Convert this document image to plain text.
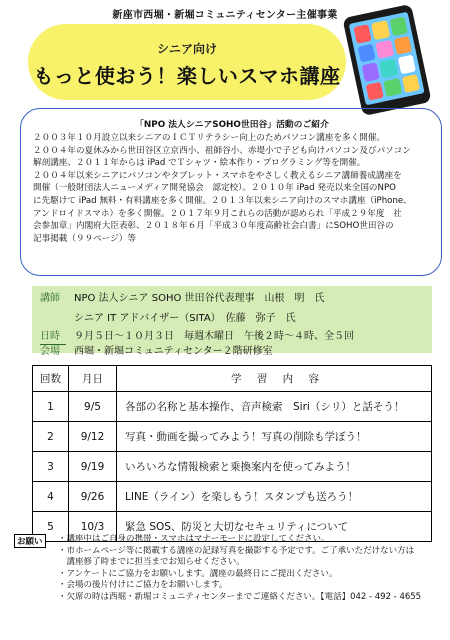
新座市西堀・新堀コミュニティセンター主催事業
シニア向け
もっと使おう！楽しいスマホ講座
「NPO 法人シニアSOHO世田谷」活動のご紹介
２００３年１０月設立以来シニアのＩＣＴリテラシー向上のためパソコン講座を多く開催。
２００４年の夏休みから世田谷区立京西小、祖師谷小、赤堤小で子ども向けパソコン及びパソコン
解剖講座、２０１１年からは iPad でＴシャツ・絵本作り・プログラミング等を開催。
２００４年以来シニアにパソコンやタブレット・スマホをやさしく教えるシニア講師養成講座を
開催（一般財団法人ニューメディア開発協会　認定校）。２０１０年 iPad 発売以来全国のNPO
に先駆けて iPad 無料・有料講座を多く開催。２０１３年以来シニア向けのスマホ講座（iPhone、
アンドロイドスマホ）を多く開催。２０１７年９月これらの活動が認められ「平成２９年度　社
会参加章」内閣府大臣表彰、２０１８年６月「平成３０年度高齢社会白書」にSOHO世田谷の
記事掲載（９９ページ）等
講師	NPO 法人シニア SOHO 世田谷代表理事　山根　明　氏
シニア IT アドバイザー（SITA）　佐藤　弥子　氏
日時	９月５日～１０月３日　毎週木曜日　午後２時～４時、全５回
会場	西堀・新堀コミュニティセンター２階研修室
回数	月日	学 習 内 容
1	9/5	各部の名称と基本操作、音声検索　Siri（シリ）と話そう！
2	9/12	写真・動画を撮ってみよう！写真の削除も学ぼう！
3	9/19	いろいろな情報検索と乗換案内を使ってみよう！
4	9/26	LINE（ライン）を楽しもう！スタンプも送ろう！
5	10/3	緊急 SOS、防災と大切なセキュリティについて
お願い	・講座中はご自身の携帯・スマホはマナーモードに設定してください。
・市ホームページ等に掲載する講座の記録写真を撮影する予定です。ご了承いただけない方は
　講座修了時までに担当までお知らせください。
・アンケートにご協力をお願いします。講座の最終日にご提出ください。
・会場の後片付けにご協力をお願いします。
・欠席の時は西堀・新堀コミュニティセンターまでご連絡ください。【電話】042 - 492 - 4655
